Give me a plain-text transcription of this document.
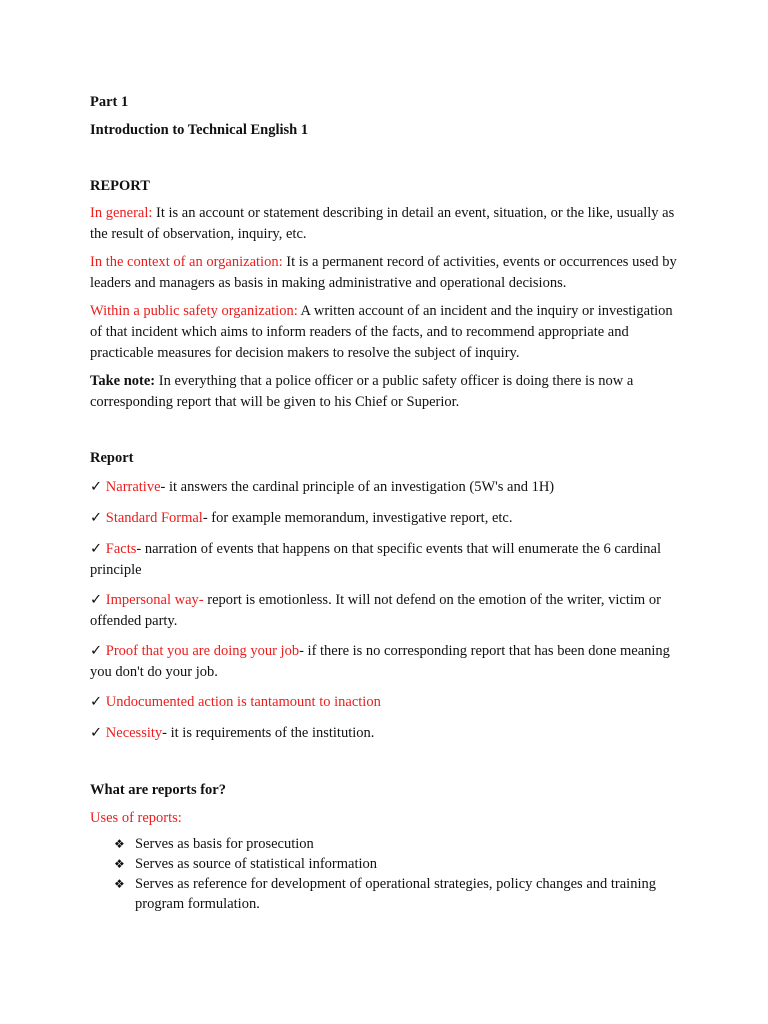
Part 1

Introduction to Technical English 1

REPORT

In general: It is an account or statement describing in detail an event, situation, or the like, usually as the result of observation, inquiry, etc.

In the context of an organization: It is a permanent record of activities, events or occurrences used by leaders and managers as basis in making administrative and operational decisions.

Within a public safety organization: A written account of an incident and the inquiry or investigation of that incident which aims to inform readers of the facts, and to recommend appropriate and practicable measures for decision makers to resolve the subject of inquiry.

Take note: In everything that a police officer or a public safety officer is doing there is now a corresponding report that will be given to his Chief or Superior.

Report

✓ Narrative- it answers the cardinal principle of an investigation (5W's and 1H)

✓ Standard Formal- for example memorandum, investigative report, etc.

✓ Facts- narration of events that happens on that specific events that will enumerate the 6 cardinal principle

✓ Impersonal way- report is emotionless. It will not defend on the emotion of the writer, victim or offended party.

✓ Proof that you are doing your job- if there is no corresponding report that has been done meaning you don't do your job.

✓ Undocumented action is tantamount to inaction

✓ Necessity- it is requirements of the institution.

What are reports for?

Uses of reports:

❖ Serves as basis for prosecution
❖ Serves as source of statistical information
❖ Serves as reference for development of operational strategies, policy changes and training program formulation.
